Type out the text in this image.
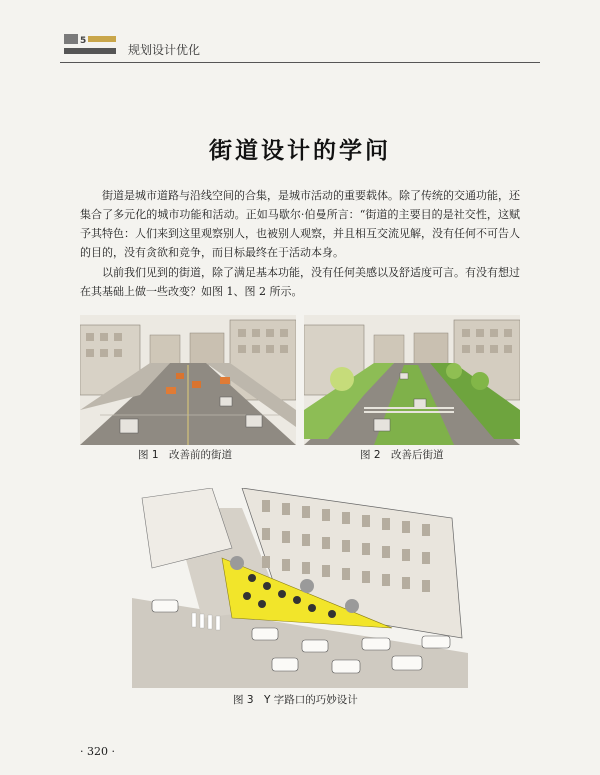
5
规划设计优化
街道设计的学问

街道是城市道路与沿线空间的合集，是城市活动的重要载体。除了传统的交通功能，还集合了多元化的城市功能和活动。正如马歇尔·伯曼所言：“街道的主要目的是社交性，这赋予其特色：人们来到这里观察别人，也被别人观察，并且相互交流见解，没有任何不可告人的目的，没有贪欲和竞争，而目标最终在于活动本身。

以前我们见到的街道，除了满足基本功能，没有任何美感以及舒适度可言。有没有想过在其基础上做一些改变？如图 1、图 2 所示。

图 1　改善前的街道	图 2　改善后街道
图 3　Y 字路口的巧妙设计
· 320 ·
